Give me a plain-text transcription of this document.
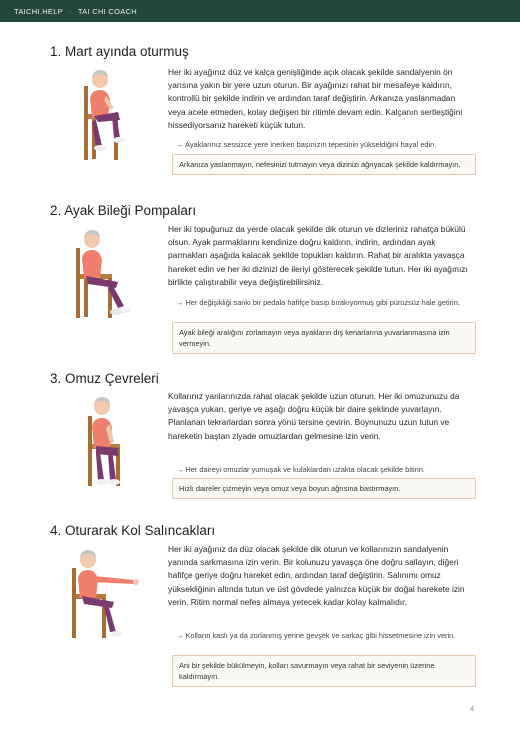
TAICHI.HELP · TAI CHI COACH
1. Mart ayında oturmuş
Her iki ayağınız düz ve kalça genişliğinde açık olacak şekilde sandalyenin ön yarısına yakın bir yere uzun oturun. Bir ayağınızı rahat bir mesafeye kaldırın, kontrollü bir şekilde indirin ve ardından taraf değiştirin. Arkanıza yaslanmadan veya acele etmeden, kolay değişen bir ritimle devam edin. Kalçanın sertleştiğini hissediyorsanız hareketi küçük tutun.
→ Ayaklarınız sessizce yere inerken başınızın tepesinin yükseldiğini hayal edin.
Arkanıza yaslanmayın, nefesinizi tutmayın veya dizinizi ağrıyacak şekilde kaldırmayın.
2. Ayak Bileği Pompaları
Her iki topuğunuz da yerde olacak şekilde dik oturun ve dizleriniz rahatça bükülü olsun. Ayak parmaklarını kendinize doğru kaldırın, indirin, ardından ayak parmakları aşağıda kalacak şekilde topukları kaldırın. Rahat bir aralıkta yavaşça hareket edin ve her iki dizinizi de ileriyi gösterecek şekilde tutun. Her iki ayağınızı birlikte çalıştırabilir veya değiştirebilirsiniz.
→ Her değişikliği sanki bir pedala hafifçe basıp bırakıyormuş gibi pürüzsüz hale getirin.
Ayak bileği aralığını zorlamayın veya ayakların dış kenarlarına yuvarlanmasına izin vermeyin.
3. Omuz Çevreleri
Kollarınız yanlarınızda rahat olacak şekilde uzun oturun. Her iki omuzunuzu da yavaşça yukarı, geriye ve aşağı doğru küçük bir daire şeklinde yuvarlayın. Planlanan tekrarlardan sonra yönü tersine çevirin. Boynunuzu uzun tutun ve hareketin baştan ziyade omuzlardan gelmesine izin verin.
→ Her daireyi omuzlar yumuşak ve kulaklardan uzakta olacak şekilde bitirin.
Hızlı daireler çizmeyin veya omuz veya boyun ağrısına bastırmayın.
4. Oturarak Kol Salıncakları
Her iki ayağınız da düz olacak şekilde dik oturun ve kollarınızın sandalyenin yanında sarkmasına izin verin. Bir kolunuzu yavaşça öne doğru sallayın, diğeri hafifçe geriye doğru hareket edin, ardından taraf değiştirin. Salınımı omuz yüksekliğinin altında tutun ve üst gövdede yalnızca küçük bir doğal harekete izin verin. Ritim normal nefes almaya yetecek kadar kolay kalmalıdır.
→ Kolların kaslı ya da zorlanmış yerine gevşek ve sarkaç gibi hissetmesine izin verin.
Ani bir şekilde bükülmeyin, kolları savurmayın veya rahat bir seviyenin üzerine kaldırmayın.
4
